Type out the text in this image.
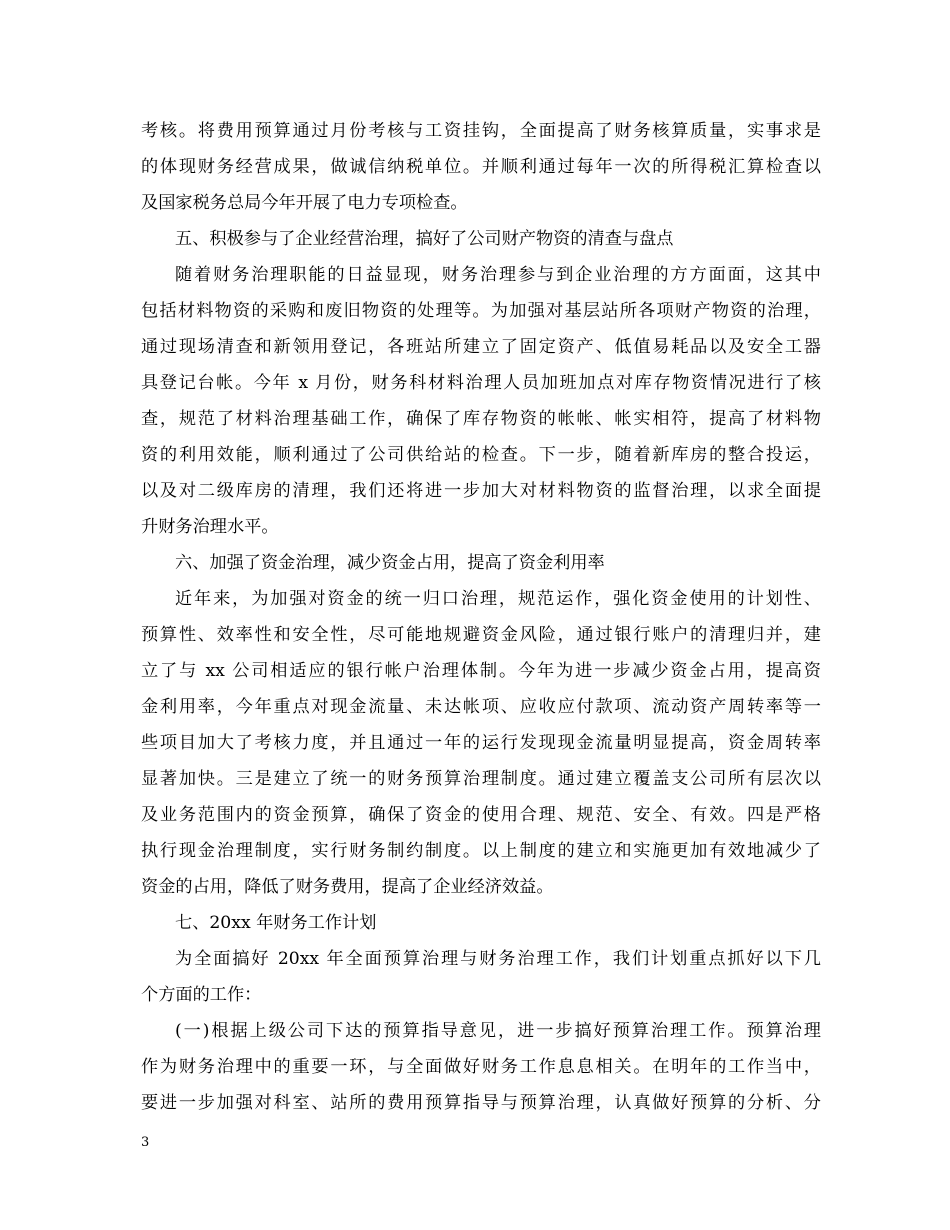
考核。将费用预算通过月份考核与工资挂钩，全面提高了财务核算质量，实事求是
的体现财务经营成果，做诚信纳税单位。并顺利通过每年一次的所得税汇算检查以
及国家税务总局今年开展了电力专项检查。
五、积极参与了企业经营治理，搞好了公司财产物资的清查与盘点
随着财务治理职能的日益显现，财务治理参与到企业治理的方方面面，这其中
包括材料物资的采购和废旧物资的处理等。为加强对基层站所各项财产物资的治理，
通过现场清查和新领用登记，各班站所建立了固定资产、低值易耗品以及安全工器
具登记台帐。今年 x 月份，财务科材料治理人员加班加点对库存物资情况进行了核
查，规范了材料治理基础工作，确保了库存物资的帐帐、帐实相符，提高了材料物
资的利用效能，顺利通过了公司供给站的检查。下一步，随着新库房的整合投运，
以及对二级库房的清理，我们还将进一步加大对材料物资的监督治理，以求全面提
升财务治理水平。
六、加强了资金治理，减少资金占用，提高了资金利用率
近年来，为加强对资金的统一归口治理，规范运作，强化资金使用的计划性、
预算性、效率性和安全性，尽可能地规避资金风险，通过银行账户的清理归并，建
立了与 xx 公司相适应的银行帐户治理体制。今年为进一步减少资金占用，提高资
金利用率，今年重点对现金流量、未达帐项、应收应付款项、流动资产周转率等一
些项目加大了考核力度，并且通过一年的运行发现现金流量明显提高，资金周转率
显著加快。三是建立了统一的财务预算治理制度。通过建立覆盖支公司所有层次以
及业务范围内的资金预算，确保了资金的使用合理、规范、安全、有效。四是严格
执行现金治理制度，实行财务制约制度。以上制度的建立和实施更加有效地减少了
资金的占用，降低了财务费用，提高了企业经济效益。
七、20xx 年财务工作计划
为全面搞好 20xx 年全面预算治理与财务治理工作，我们计划重点抓好以下几
个方面的工作：
(一)根据上级公司下达的预算指导意见，进一步搞好预算治理工作。预算治理
作为财务治理中的重要一环，与全面做好财务工作息息相关。在明年的工作当中，
要进一步加强对科室、站所的费用预算指导与预算治理，认真做好预算的分析、分
3
